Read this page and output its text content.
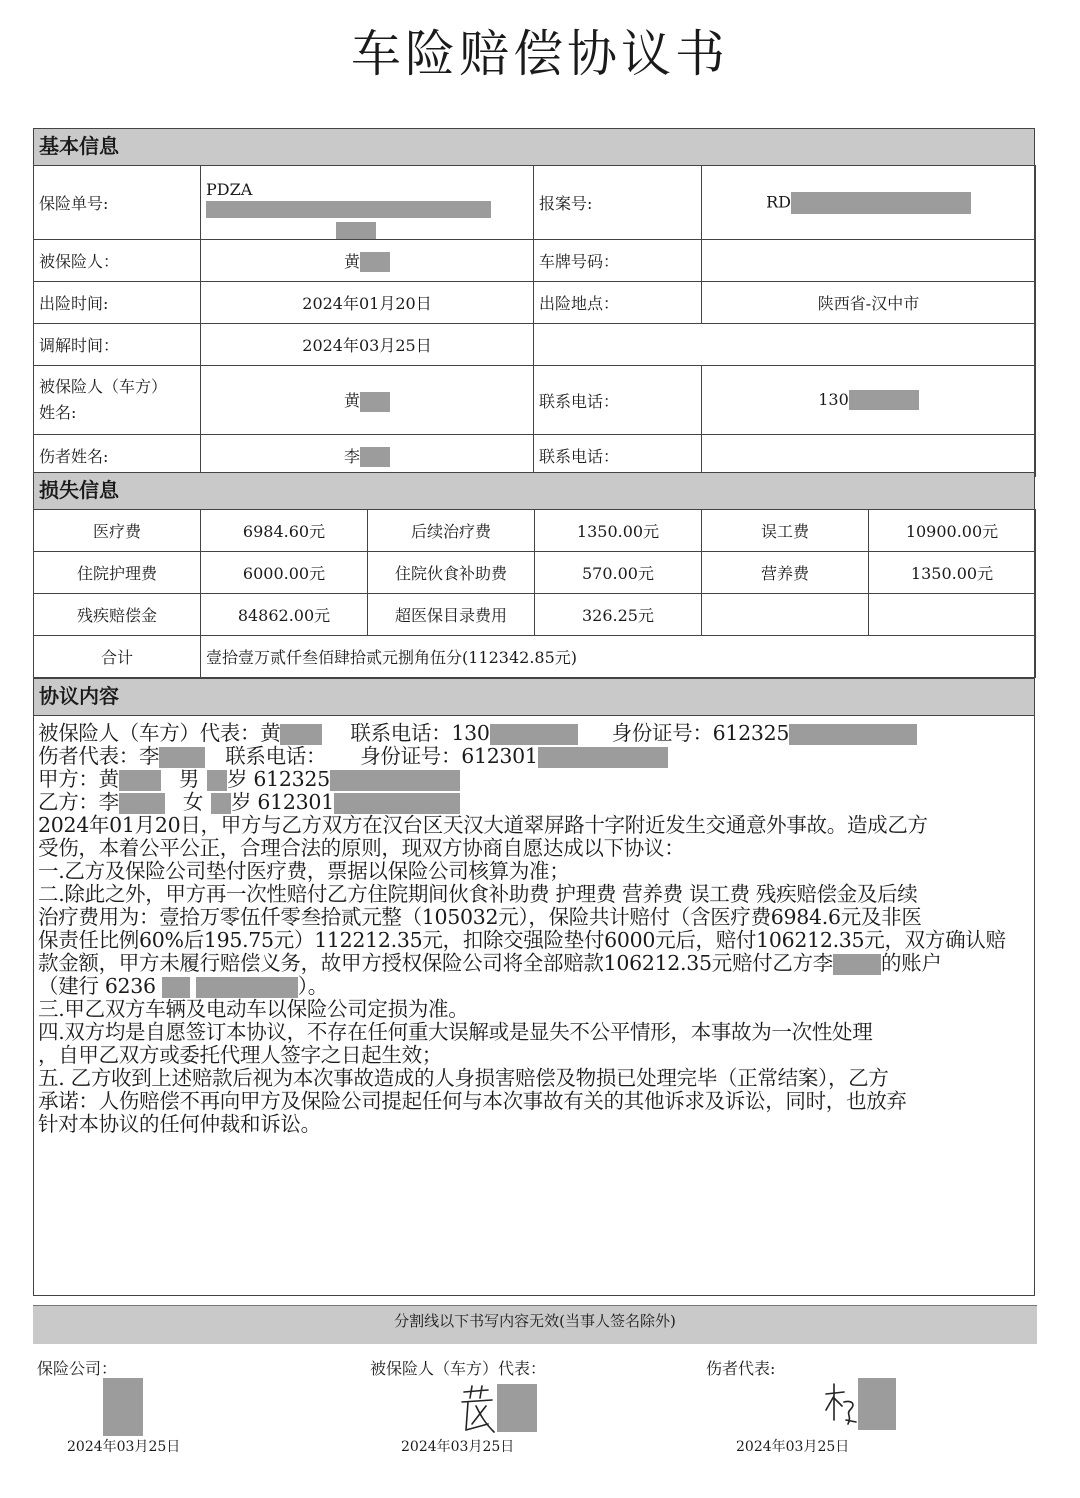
车险赔偿协议书
基本信息
保险单号:	PDZA	报案号:	RD
被保险人：	黄	车牌号码：	
出险时间:	2024年01月20日	出险地点：	陕西省-汉中市
调解时间：	2024年03月25日		
被保险人（车方）
姓名:	黄	联系电话：	130
伤者姓名:	李	联系电话：	
损失信息
医疗费	6984.60元	后续治疗费	1350.00元	误工费	10900.00元
住院护理费	6000.00元	住院伙食补助费	570.00元	营养费	1350.00元
残疾赔偿金	84862.00元	超医保目录费用	326.25元		
合计	壹拾壹万贰仟叁佰肆拾贰元捌角伍分(112342.85元)				
协议内容
被保险人（车方）代表：黄	联系电话：130	身份证号：612325
伤者代表：李	联系电话： 身份证号：612301
甲方：黄	男 岁 612325
乙方：李	女 岁 612301
2024年01月20日，甲方与乙方双方在汉台区天汉大道翠屏路十字附近发生交通意外事故。造成乙方
受伤，本着公平公正，合理合法的原则，现双方协商自愿达成以下协议：
一.乙方及保险公司垫付医疗费，票据以保险公司核算为准；
二.除此之外，甲方再一次性赔付乙方住院期间伙食补助费 护理费 营养费 误工费 残疾赔偿金及后续
治疗费用为：壹拾万零伍仟零叁拾贰元整（105032元），保险共计赔付（含医疗费6984.6元及非医
保责任比例60%后195.75元）112212.35元，扣除交强险垫付6000元后，赔付106212.35元，双方确认赔
款金额，甲方未履行赔偿义务，故甲方授权保险公司将全部赔款106212.35元赔付乙方李 的账户
（建行 6236	）。
三.甲乙双方车辆及电动车以保险公司定损为准。
四.双方均是自愿签订本协议，不存在任何重大误解或是显失不公平情形，本事故为一次性处理
，自甲乙双方或委托代理人签字之日起生效；
五. 乙方收到上述赔款后视为本次事故造成的人身损害赔偿及物损已处理完毕（正常结案），乙方
承诺：人伤赔偿不再向甲方及保险公司提起任何与本次事故有关的其他诉求及诉讼，同时，也放弃
针对本协议的任何仲裁和诉讼。
分割线以下书写内容无效(当事人签名除外)
保险公司：	被保险人（车方）代表：	伤者代表:
2024年03月25日	2024年03月25日	2024年03月25日
